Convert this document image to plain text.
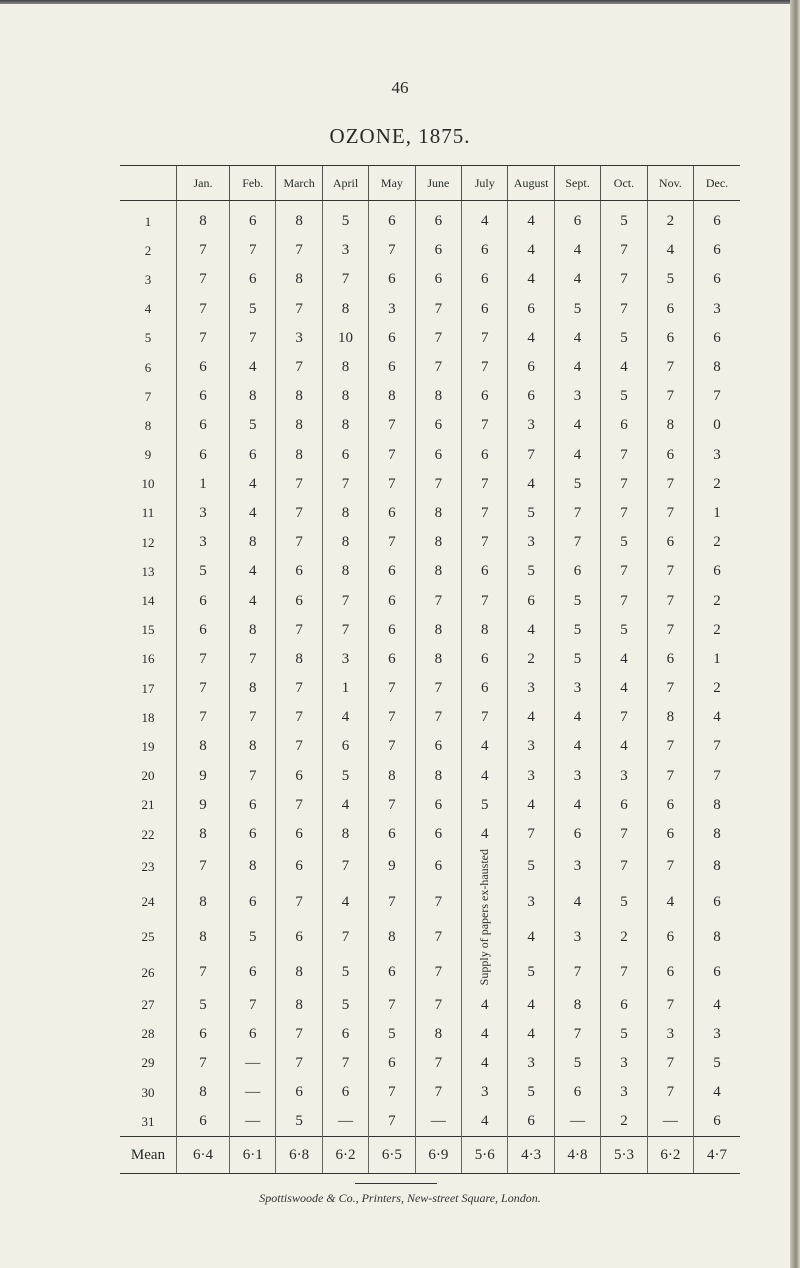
46
OZONE, 1875.
	Jan.	Feb.	March	April	May	June	July	August	Sept.	Oct.	Nov.	Dec.
1	8	6	8	5	6	6	4	4	6	5	2	6
2	7	7	7	3	7	6	6	4	4	7	4	6
3	7	6	8	7	6	6	6	4	4	7	5	6
4	7	5	7	8	3	7	6	6	5	7	6	3
5	7	7	3	10	6	7	7	4	4	5	6	6
6	6	4	7	8	6	7	7	6	4	4	7	8
7	6	8	8	8	8	8	6	6	3	5	7	7
8	6	5	8	8	7	6	7	3	4	6	8	0
9	6	6	8	6	7	6	6	7	4	7	6	3
10	1	4	7	7	7	7	7	4	5	7	7	2
11	3	4	7	8	6	8	7	5	7	7	7	1
12	3	8	7	8	7	8	7	3	7	5	6	2
13	5	4	6	8	6	8	6	5	6	7	7	6
14	6	4	6	7	6	7	7	6	5	7	7	2
15	6	8	7	7	6	8	8	4	5	5	7	2
16	7	7	8	3	6	8	6	2	5	4	6	1
17	7	8	7	1	7	7	6	3	3	4	7	2
18	7	7	7	4	7	7	7	4	4	7	8	4
19	8	8	7	6	7	6	4	3	4	4	7	7
20	9	7	6	5	8	8	4	3	3	3	7	7
21	9	6	7	4	7	6	5	4	4	6	6	8
22	8	6	6	8	6	6	4	7	6	7	6	8
23	7	8	6	7	9	6	Supply of papers ex-hausted	5	3	7	7	8
24	8	6	7	4	7	7		3	4	5	4	6
25	8	5	6	7	8	7		4	3	2	6	8
26	7	6	8	5	6	7		5	7	7	6	6
27	5	7	8	5	7	7	4	4	8	6	7	4
28	6	6	7	6	5	8	4	4	7	5	3	3
29	7	—	7	7	6	7	4	3	5	3	7	5
30	8	—	6	6	7	7	3	5	6	3	7	4
31	6	—	5	—	7	—	4	6	—	2	—	6
Mean	6·4	6·1	6·8	6·2	6·5	6·9	5·6	4·3	4·8	5·3	6·2	4·7
Spottiswoode & Co., Printers, New-street Square, London.
